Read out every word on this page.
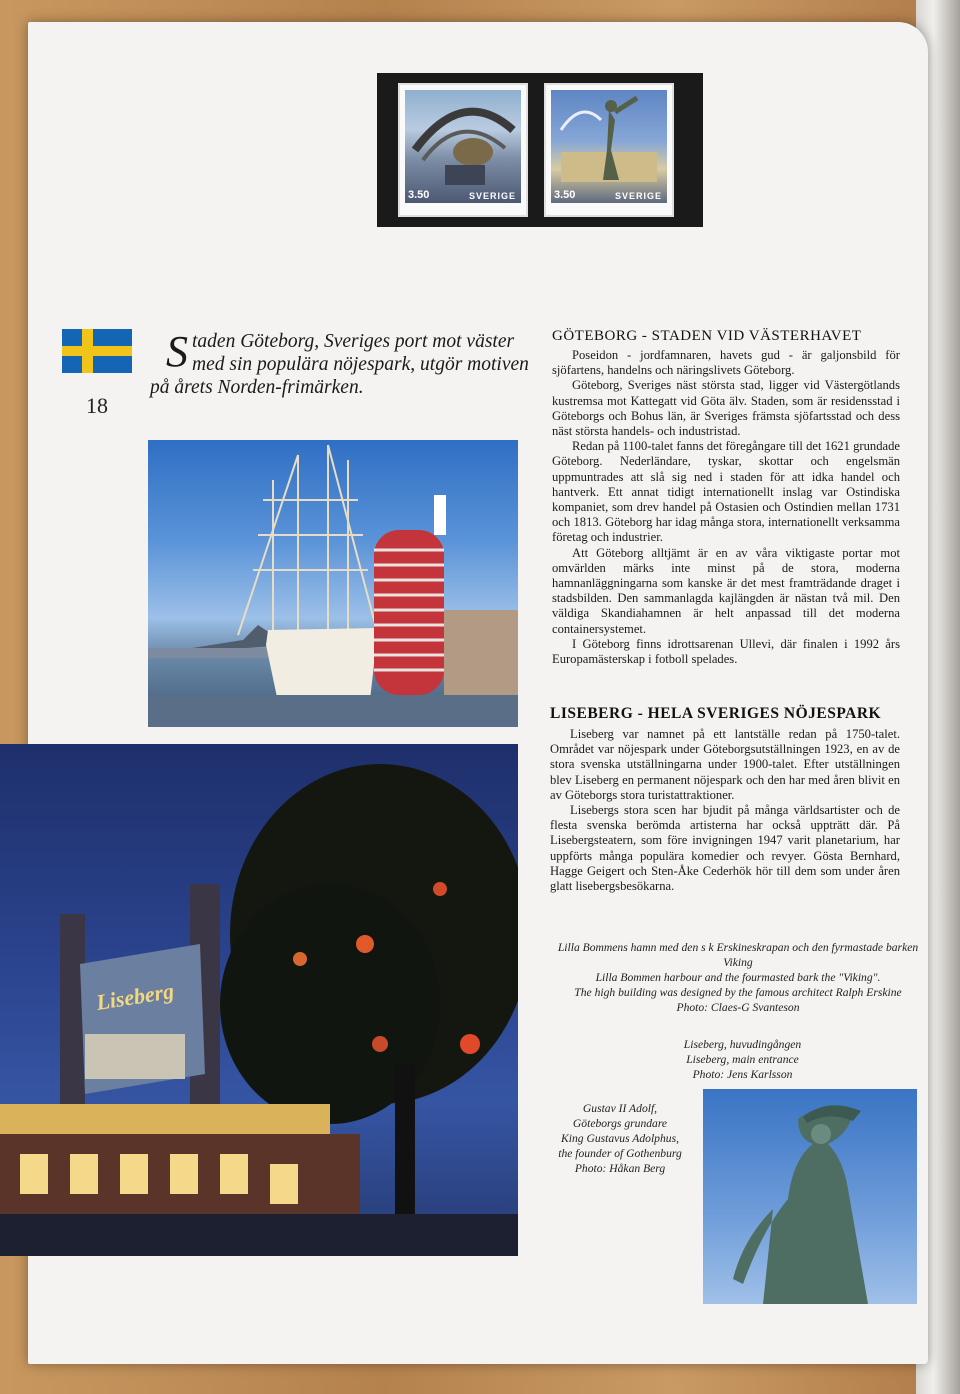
3.50	SVERIGE	3.50	SVERIGE
18
S taden Göteborg, Sveriges port mot väster med sin populära nöjespark, utgör motiven på årets Norden-frimärken.
Liseberg
GÖTEBORG - STADEN VID VÄSTERHAVET

Poseidon - jordfamnaren, havets gud - är galjonsbild för sjöfartens, handelns och näringslivets Göteborg.

Göteborg, Sveriges näst största stad, ligger vid Västergötlands kustremsa mot Kattegatt vid Göta älv. Staden, som är residensstad i Göteborgs och Bohus län, är Sveriges främsta sjöfartsstad och dess näst största handels- och industristad.

Redan på 1100-talet fanns det föregångare till det 1621 grundade Göteborg. Nederländare, tyskar, skottar och engelsmän uppmuntrades att slå sig ned i staden för att idka handel och hantverk. Ett annat tidigt internationellt inslag var Ostindiska kompaniet, som drev handel på Ostasien och Ostindien mellan 1731 och 1813. Göteborg har idag många stora, internationellt verksamma företag och industrier.

Att Göteborg alltjämt är en av våra viktigaste portar mot omvärlden märks inte minst på de stora, moderna hamnanläggningarna som kanske är det mest framträdande draget i stadsbilden. Den sammanlagda kajlängden är nästan två mil. Den väldiga Skandiahamnen är helt anpassad till det moderna containersystemet.

I Göteborg finns idrottsarenan Ullevi, där finalen i 1992 års Europamästerskap i fotboll spelades.

LISEBERG - HELA SVERIGES NÖJESPARK

Liseberg var namnet på ett lantställe redan på 1750-talet. Området var nöjespark under Göteborgsutställningen 1923, en av de stora svenska utställningarna under 1900-talet. Efter utställningen blev Liseberg en permanent nöjespark och den har med åren blivit en av Göteborgs stora turistattraktioner.

Lisebergs stora scen har bjudit på många världsartister och de flesta svenska berömda artisterna har också uppträtt där. På Lisebergsteatern, som före invigningen 1947 varit planetarium, har uppförts många populära komedier och revyer. Gösta Bernhard, Hagge Geigert och Sten-Åke Cederhök hör till dem som under åren glatt lisebergsbesökarna.

Lilla Bommens hamn med den s k Erskineskrapan och den fyrmastade barken Viking
Lilla Bommen harbour and the fourmasted bark the "Viking".
The high building was designed by the famous architect Ralph Erskine
Photo: Claes-G Svanteson
Liseberg, huvudingången
Liseberg, main entrance
Photo: Jens Karlsson
Gustav II Adolf,
Göteborgs grundare
King Gustavus Adolphus,
the founder of Gothenburg
Photo: Håkan Berg
